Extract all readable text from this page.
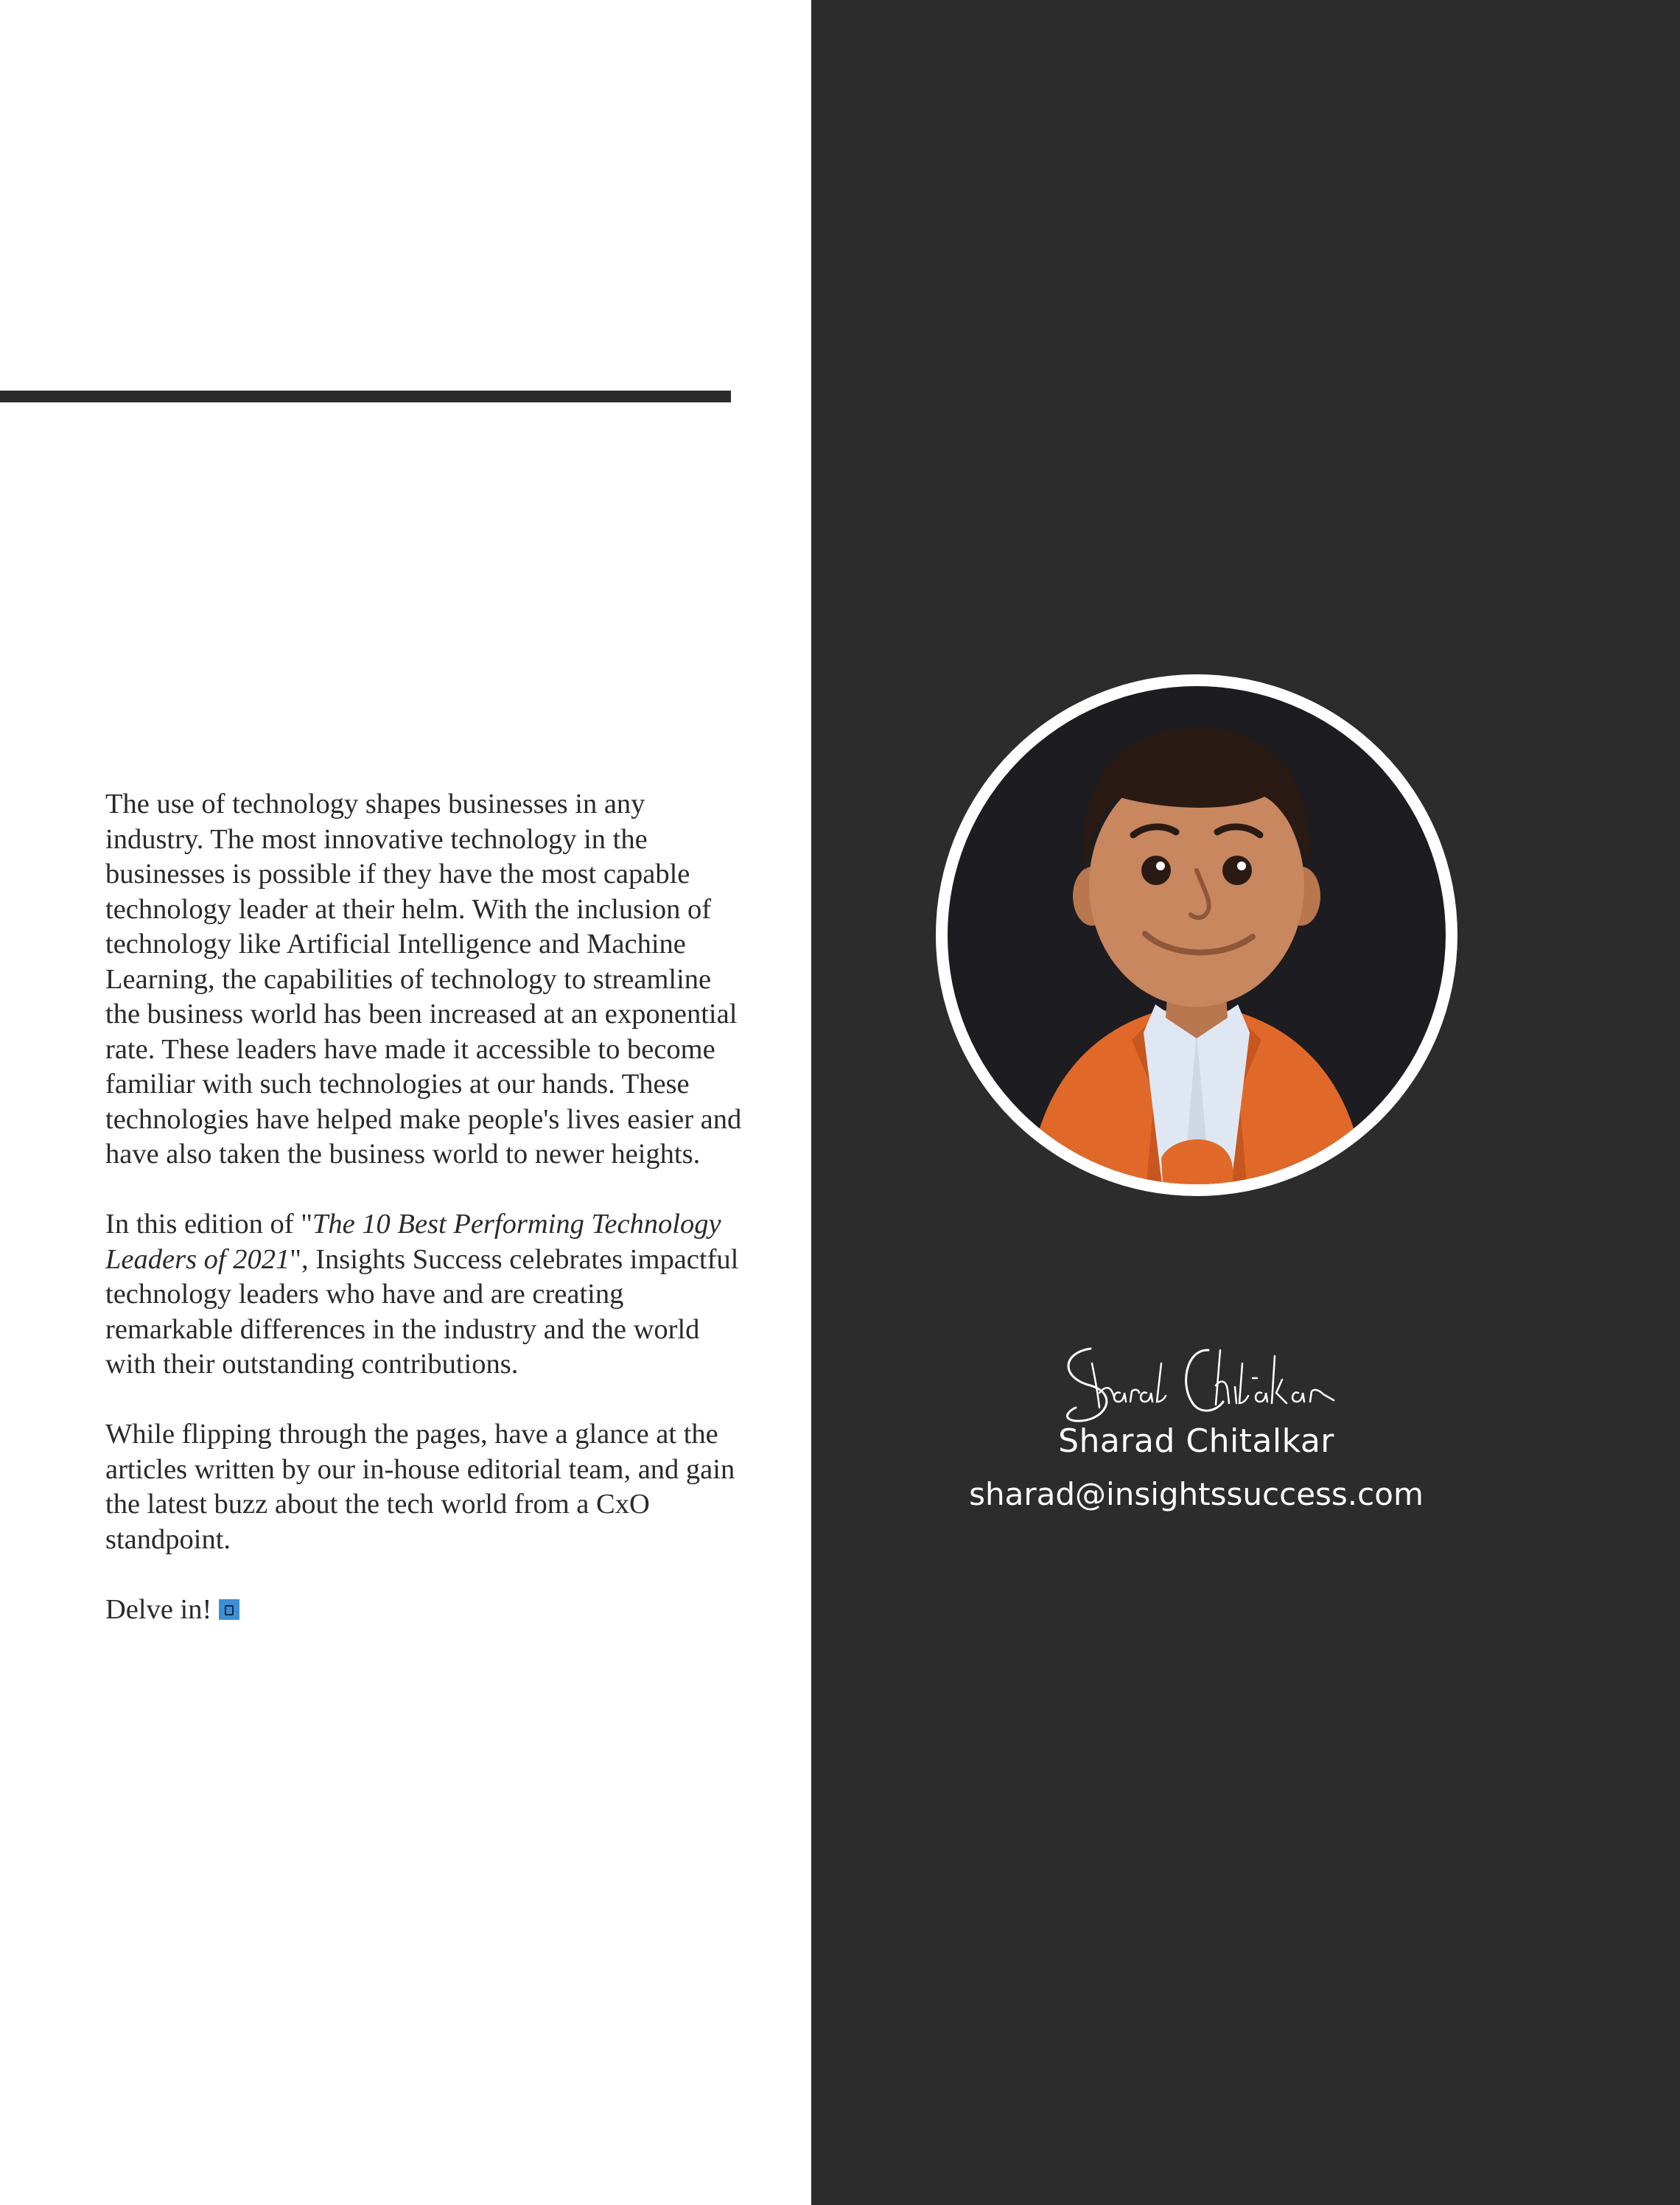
The use of technology shapes businesses in any industry. The most innovative technology in the businesses is possible if they have the most capable technology leader at their helm. With the inclusion of technology like Artificial Intelligence and Machine Learning, the capabilities of technology to streamline the business world has been increased at an exponential rate. These leaders have made it accessible to become familiar with such technologies at our hands. These technologies have helped make people's lives easier and have also taken the business world to newer heights.

In this edition of "The 10 Best Performing Technology Leaders of 2021", Insights Success celebrates impactful technology leaders who have and are creating remarkable differences in the industry and the world with their outstanding contributions.

While flipping through the pages, have a glance at the articles written by our in-house editorial team, and gain the latest buzz about the tech world from a CxO standpoint.

Delve in!

Sharad Chitalkar
sharad@insightssuccess.com
